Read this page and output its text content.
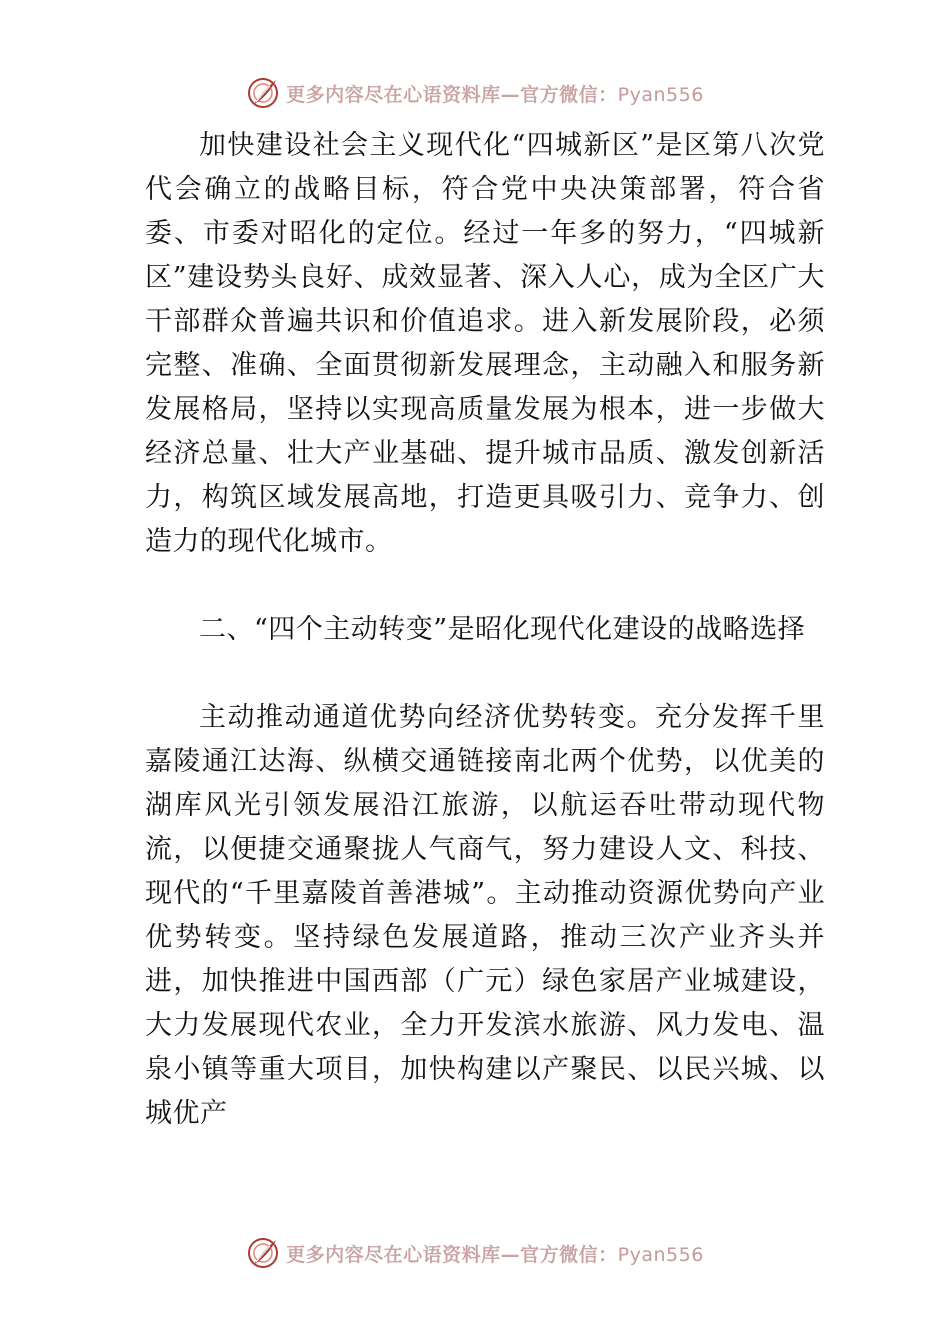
更多内容尽在心语资料库—官方微信：Pyan556

加快建设社会主义现代化“四城新区”是区第八次党代会确立的战略目标，符合党中央决策部署，符合省委、市委对昭化的定位。经过一年多的努力，“四城新区”建设势头良好、成效显著、深入人心，成为全区广大干部群众普遍共识和价值追求。进入新发展阶段，必须完整、准确、全面贯彻新发展理念，主动融入和服务新发展格局，坚持以实现高质量发展为根本，进一步做大经济总量、壮大产业基础、提升城市品质、激发创新活力，构筑区域发展高地，打造更具吸引力、竞争力、创造力的现代化城市。

二、“四个主动转变”是昭化现代化建设的战略选择

主动推动通道优势向经济优势转变。充分发挥千里嘉陵通江达海、纵横交通链接南北两个优势，以优美的湖库风光引领发展沿江旅游，以航运吞吐带动现代物流，以便捷交通聚拢人气商气，努力建设人文、科技、现代的“千里嘉陵首善港城”。主动推动资源优势向产业优势转变。坚持绿色发展道路，推动三次产业齐头并进，加快推进中国西部（广元）绿色家居产业城建设，大力发展现代农业，全力开发滨水旅游、风力发电、温泉小镇等重大项目，加快构建以产聚民、以民兴城、以城优产

更多内容尽在心语资料库—官方微信：Pyan556
